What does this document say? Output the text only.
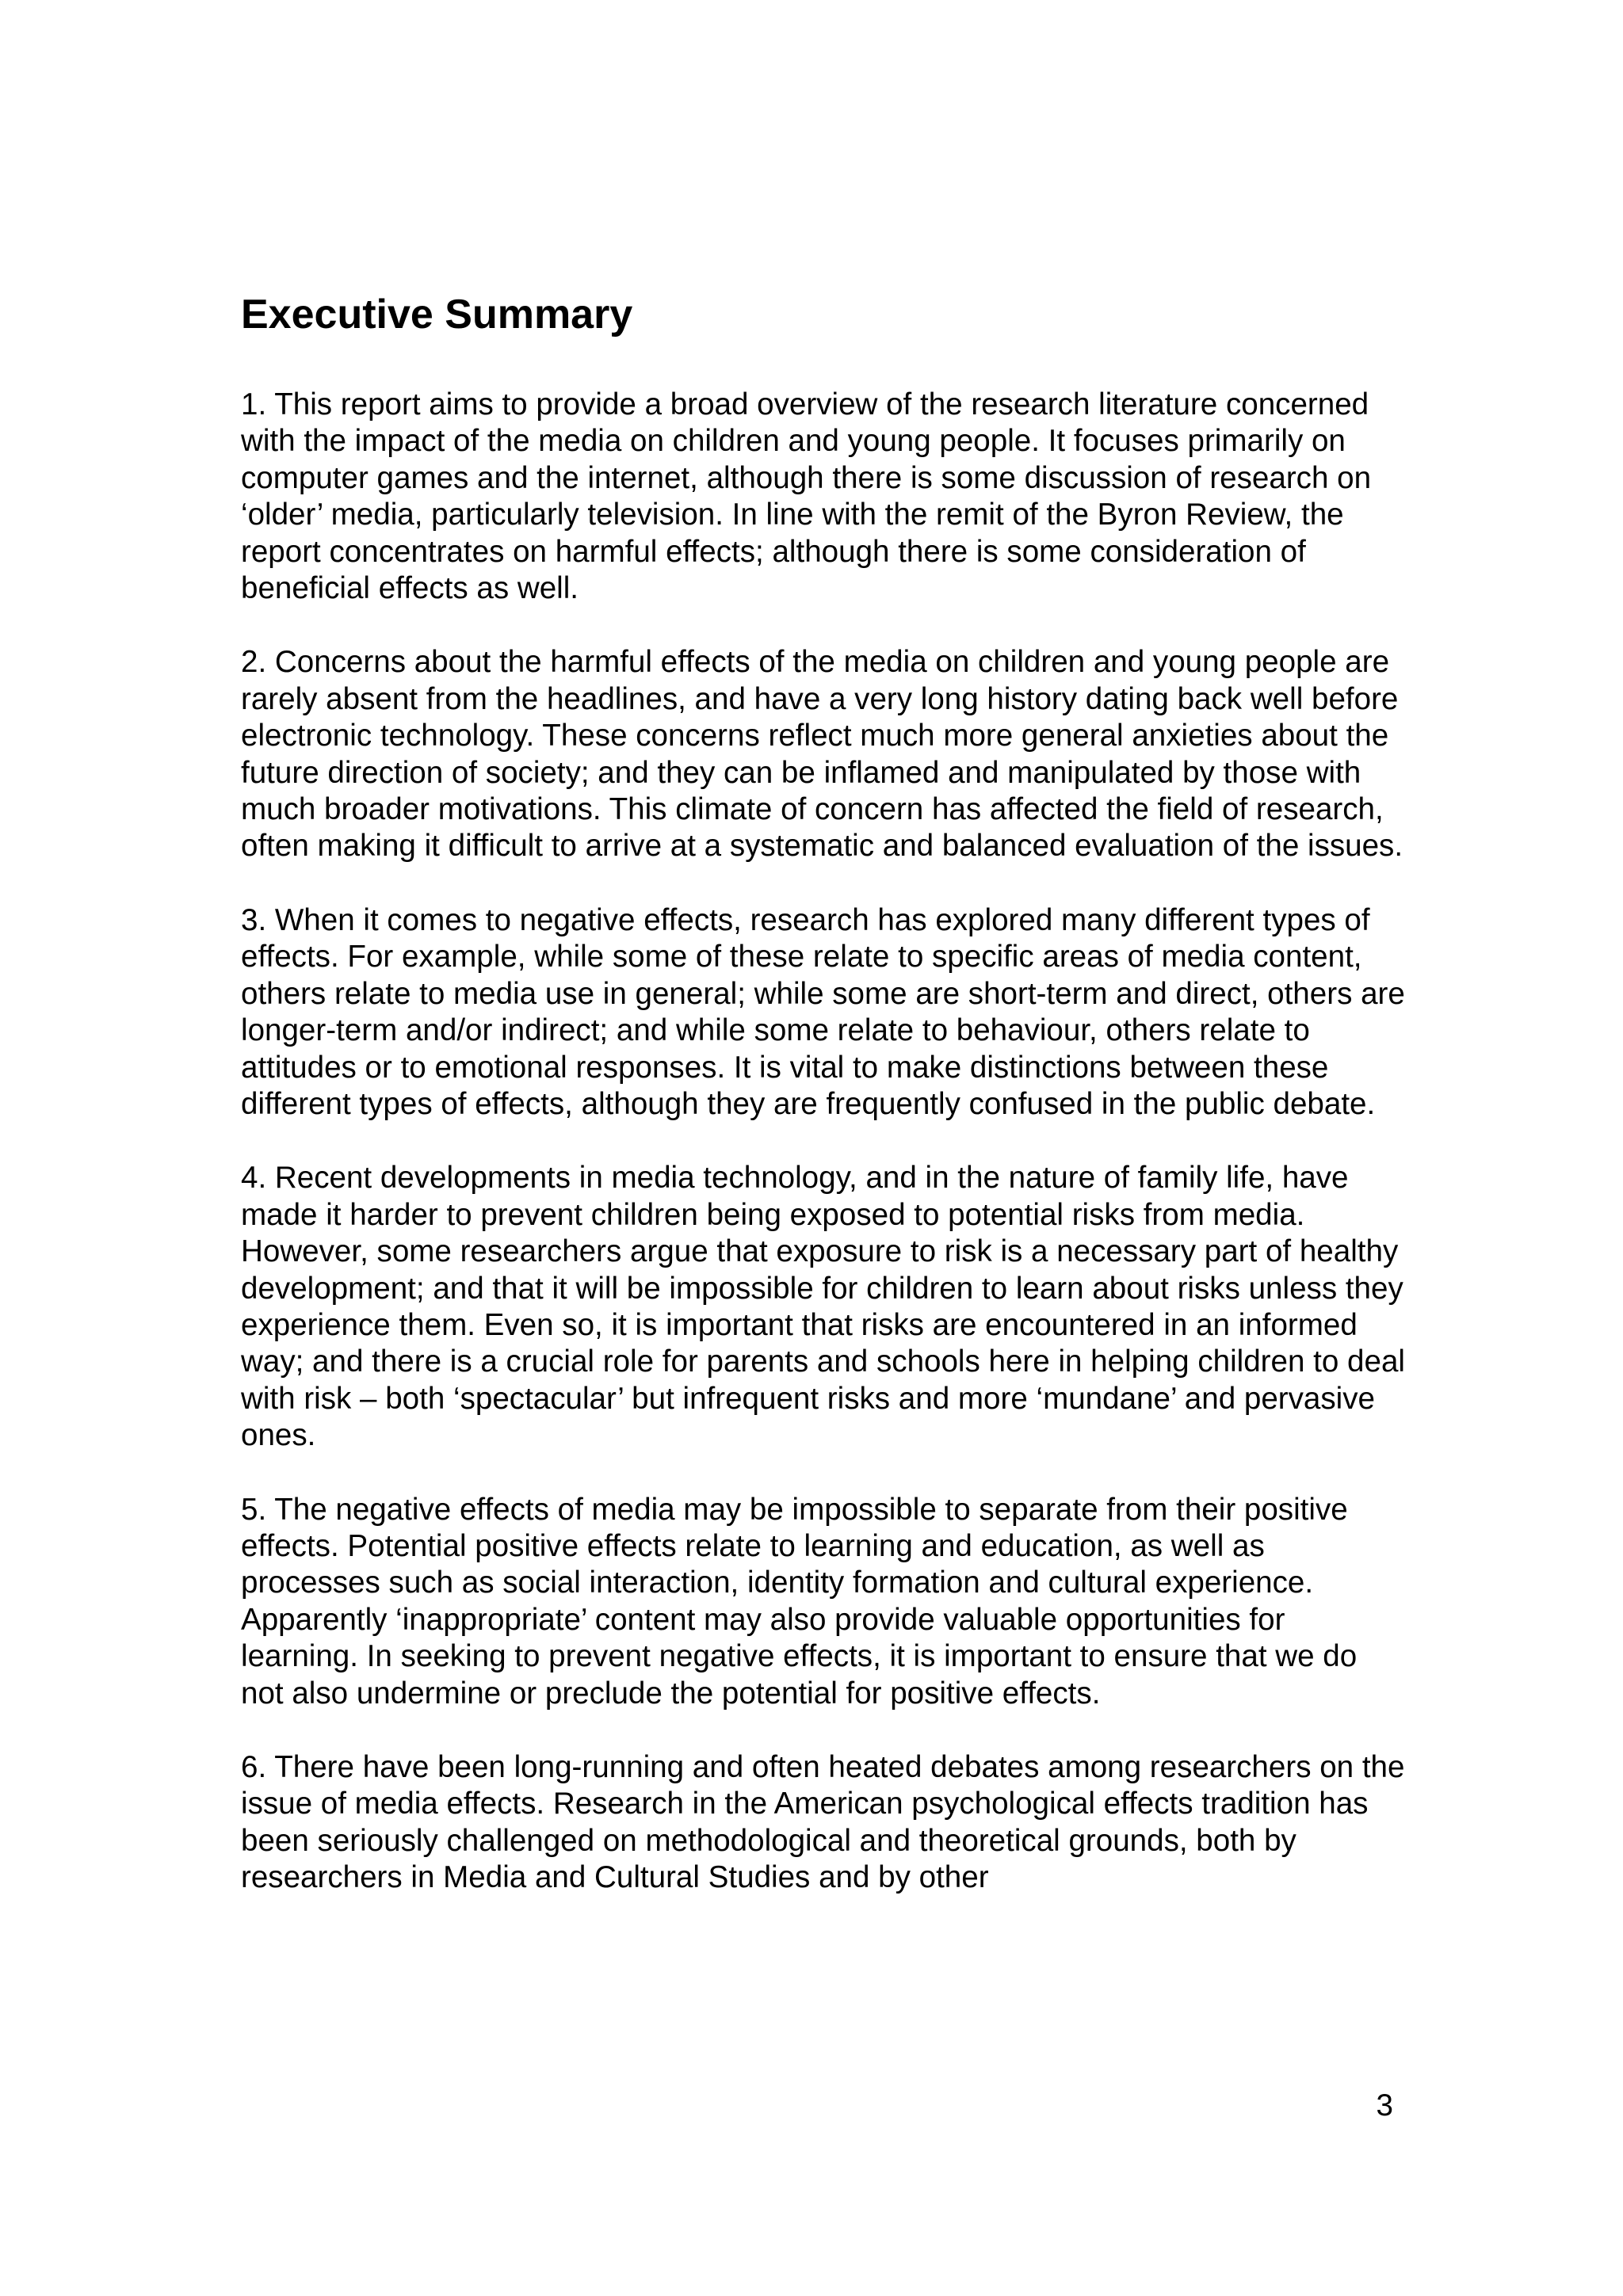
Executive Summary

1. This report aims to provide a broad overview of the research literature concerned with the impact of the media on children and young people. It focuses primarily on computer games and the internet, although there is some discussion of research on ‘older’ media, particularly television. In line with the remit of the Byron Review, the report concentrates on harmful effects; although there is some consideration of beneficial effects as well.

2. Concerns about the harmful effects of the media on children and young people are rarely absent from the headlines, and have a very long history dating back well before electronic technology. These concerns reflect much more general anxieties about the future direction of society; and they can be inflamed and manipulated by those with much broader motivations. This climate of concern has affected the field of research, often making it difficult to arrive at a systematic and balanced evaluation of the issues.

3. When it comes to negative effects, research has explored many different types of effects. For example, while some of these relate to specific areas of media content, others relate to media use in general; while some are short-term and direct, others are longer-term and/or indirect; and while some relate to behaviour, others relate to attitudes or to emotional responses. It is vital to make distinctions between these different types of effects, although they are frequently confused in the public debate.

4. Recent developments in media technology, and in the nature of family life, have made it harder to prevent children being exposed to potential risks from media. However, some researchers argue that exposure to risk is a necessary part of healthy development; and that it will be impossible for children to learn about risks unless they experience them. Even so, it is important that risks are encountered in an informed way; and there is a crucial role for parents and schools here in helping children to deal with risk – both ‘spectacular’ but infrequent risks and more ‘mundane’ and pervasive ones.

5. The negative effects of media may be impossible to separate from their positive effects. Potential positive effects relate to learning and education, as well as processes such as social interaction, identity formation and cultural experience. Apparently ‘inappropriate’ content may also provide valuable opportunities for learning. In seeking to prevent negative effects, it is important to ensure that we do not also undermine or preclude the potential for positive effects.

6. There have been long-running and often heated debates among researchers on the issue of media effects. Research in the American psychological effects tradition has been seriously challenged on methodological and theoretical grounds, both by researchers in Media and Cultural Studies and by other

3
